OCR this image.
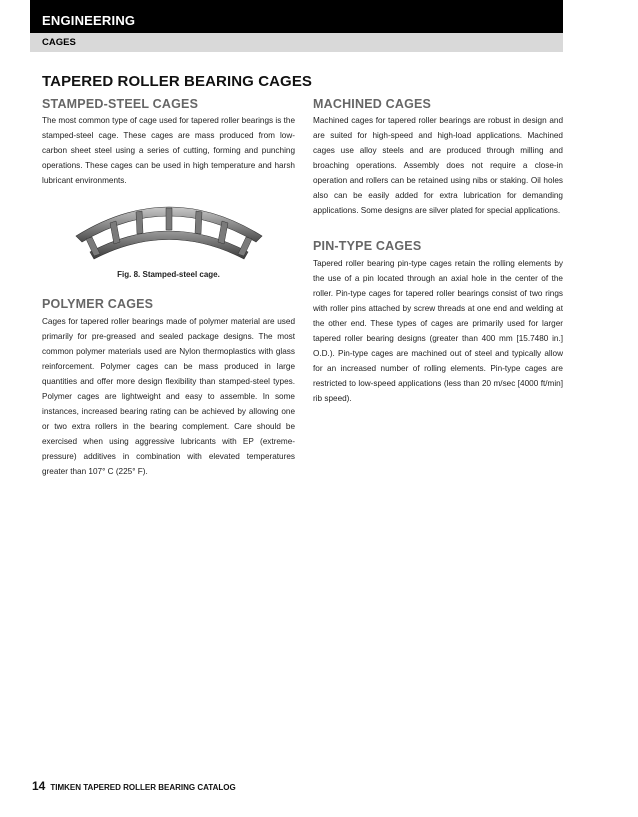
ENGINEERING
CAGES
TAPERED ROLLER BEARING CAGES
STAMPED-STEEL CAGES
The most common type of cage used for tapered roller bearings is the stamped-steel cage. These cages are mass produced from low-carbon sheet steel using a series of cutting, forming and punching operations. These cages can be used in high temperature and harsh lubricant environments.
Fig. 8. Stamped-steel cage.
POLYMER CAGES
Cages for tapered roller bearings made of polymer material are used primarily for pre-greased and sealed package designs. The most common polymer materials used are Nylon thermoplastics with glass reinforcement. Polymer cages can be mass produced in large quantities and offer more design flexibility than stamped-steel types. Polymer cages are lightweight and easy to assemble. In some instances, increased bearing rating can be achieved by allowing one or two extra rollers in the bearing complement. Care should be exercised when using aggressive lubricants with EP (extreme-pressure) additives in combination with elevated temperatures greater than 107° C (225° F).
MACHINED CAGES
Machined cages for tapered roller bearings are robust in design and are suited for high-speed and high-load applications. Machined cages use alloy steels and are produced through milling and broaching operations. Assembly does not require a close-in operation and rollers can be retained using nibs or staking. Oil holes also can be easily added for extra lubrication for demanding applications. Some designs are silver plated for special applications.
PIN-TYPE CAGES
Tapered roller bearing pin-type cages retain the rolling elements by the use of a pin located through an axial hole in the center of the roller. Pin-type cages for tapered roller bearings consist of two rings with roller pins attached by screw threads at one end and welding at the other end. These types of cages are primarily used for larger tapered roller bearing designs (greater than 400 mm [15.7480 in.] O.D.). Pin-type cages are machined out of steel and typically allow for an increased number of rolling elements. Pin-type cages are restricted to low-speed applications (less than 20 m/sec [4000 ft/min] rib speed).
14 TIMKEN TAPERED ROLLER BEARING CATALOG
